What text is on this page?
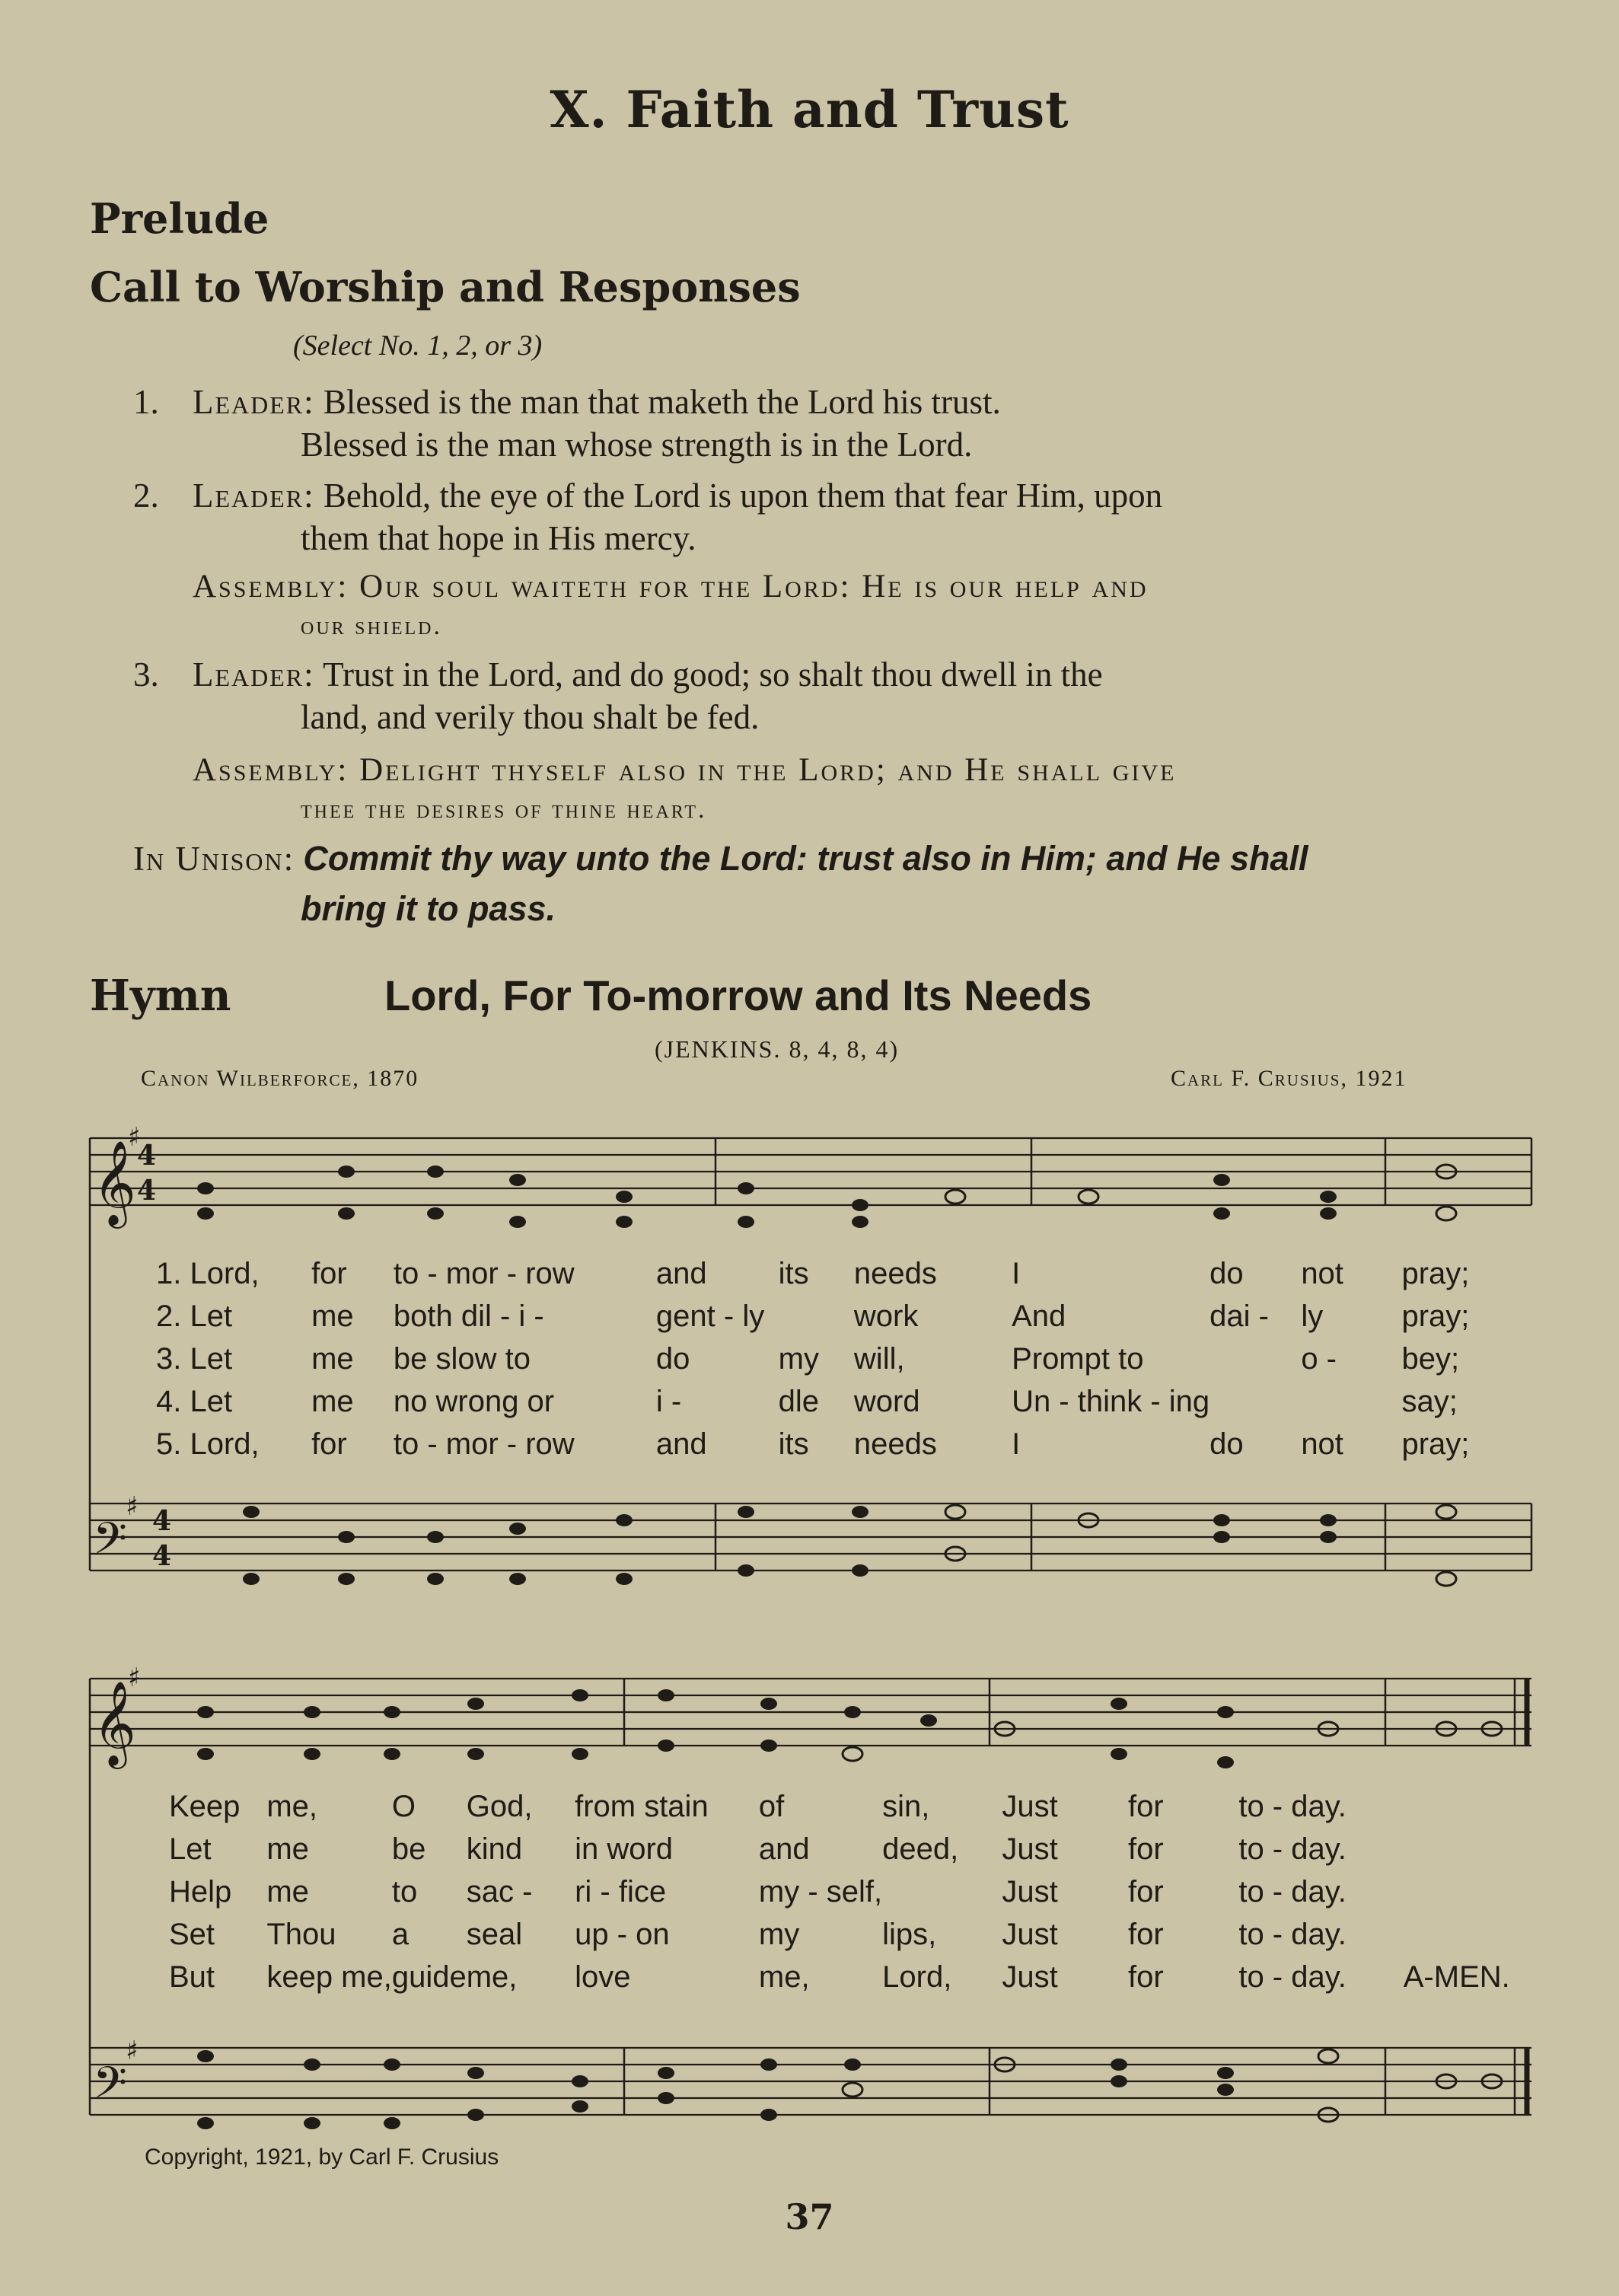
X. Faith and Trust
Prelude
Call to Worship and Responses
(Select No. 1, 2, or 3)
1. Leader: Blessed is the man that maketh the Lord his trust.
Blessed is the man whose strength is in the Lord.
2. Leader: Behold, the eye of the Lord is upon them that fear Him, upon
them that hope in His mercy.
Assembly: Our soul waiteth for the Lord: He is our help and
our shield.
3. Leader: Trust in the Lord, and do good; so shalt thou dwell in the
land, and verily thou shalt be fed.
Assembly: Delight thyself also in the Lord; and He shall give
thee the desires of thine heart.
In Unison: Commit thy way unto the Lord: trust also in Him; and He shall
bring it to pass.
Hymn	Lord, For To-morrow and Its Needs
(JENKINS. 8, 4, 8, 4)
Canon Wilberforce, 1870	Carl F. Crusius, 1921
𝄞
𝄢
4
4
4
4
♯
♯
𝄞
𝄢
♯
♯
1. Lord,	for	to - mor - row	and	its	needs	I	do	not	pray;
2. Let	me	both dil - i -	gent - ly		work	And	dai -	ly	pray;
3. Let	me	be slow to	do	my	will,	Prompt to		o -	bey;
4. Let	me	no wrong or	i -	dle	word	Un - think - ing			say;
5. Lord,	for	to - mor - row	and	its	needs	I	do	not	pray;
Keep	me,	O	God,	from stain	of	sin,	Just	for	to - day.	
Let	me	be	kind	in word	and	deed,	Just	for	to - day.	
Help	me	to	sac -	ri - fice	my - self,		Just	for	to - day.	
Set	Thou	a	seal	up - on	my	lips,	Just	for	to - day.	
But	keep me,	guide	me,	love	me,	Lord,	Just	for	to - day.	A-MEN.
Copyright, 1921, by Carl F. Crusius
37
